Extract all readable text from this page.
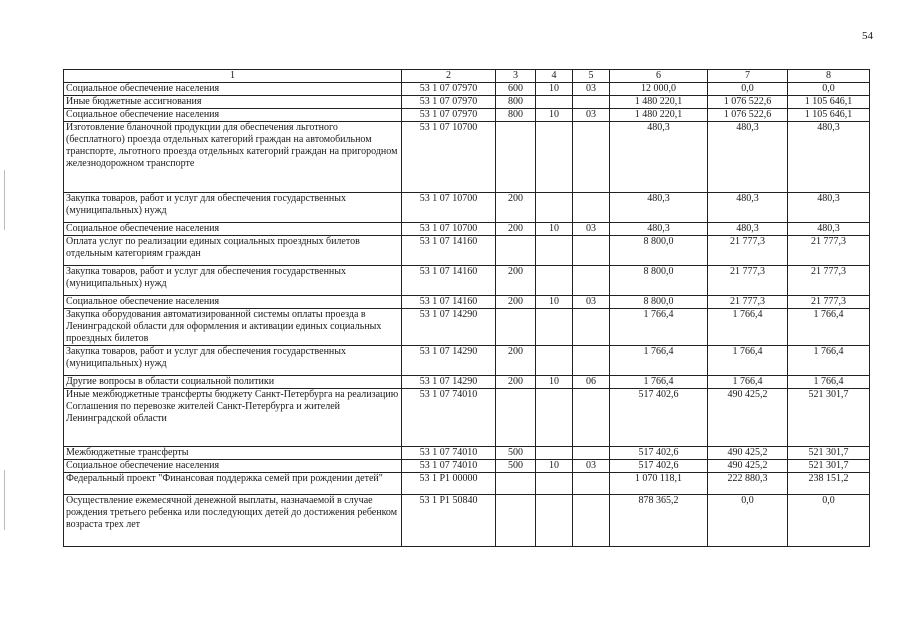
54
1	2	3	4	5	6	7	8
Социальное обеспечение населения	53 1 07 07970	600	10	03	12 000,0	0,0	0,0
Иные бюджетные ассигнования	53 1 07 07970	800			1 480 220,1	1 076 522,6	1 105 646,1
Социальное обеспечение населения	53 1 07 07970	800	10	03	1 480 220,1	1 076 522,6	1 105 646,1
Изготовление бланочной продукции для обеспечения льготного (бесплатного) проезда отдельных категорий граждан на автомобильном транспорте, льготного проезда отдельных категорий граждан на пригородном железнодорожном транспорте	53 1 07 10700				480,3	480,3	480,3
Закупка товаров, работ и услуг для обеспечения государственных (муниципальных) нужд	53 1 07 10700	200			480,3	480,3	480,3
Социальное обеспечение населения	53 1 07 10700	200	10	03	480,3	480,3	480,3
Оплата услуг по реализации единых социальных проездных билетов отдельным категориям граждан	53 1 07 14160				8 800,0	21 777,3	21 777,3
Закупка товаров, работ и услуг для обеспечения государственных (муниципальных) нужд	53 1 07 14160	200			8 800,0	21 777,3	21 777,3
Социальное обеспечение населения	53 1 07 14160	200	10	03	8 800,0	21 777,3	21 777,3
Закупка оборудования автоматизированной системы оплаты проезда в Ленинградской области для оформления и активации единых социальных проездных билетов	53 1 07 14290				1 766,4	1 766,4	1 766,4
Закупка товаров, работ и услуг для обеспечения государственных (муниципальных) нужд	53 1 07 14290	200			1 766,4	1 766,4	1 766,4
Другие вопросы в области социальной политики	53 1 07 14290	200	10	06	1 766,4	1 766,4	1 766,4
Иные межбюджетные трансферты бюджету Санкт-Петербурга на реализацию Соглашения по перевозке жителей Санкт-Петербурга и жителей Ленинградской области	53 1 07 74010				517 402,6	490 425,2	521 301,7
Межбюджетные трансферты	53 1 07 74010	500			517 402,6	490 425,2	521 301,7
Социальное обеспечение населения	53 1 07 74010	500	10	03	517 402,6	490 425,2	521 301,7
Федеральный проект "Финансовая поддержка семей при рождении детей"	53 1 P1 00000				1 070 118,1	222 880,3	238 151,2
Осуществление ежемесячной денежной выплаты, назначаемой в случае рождения третьего ребенка или последующих детей до достижения ребенком возраста трех лет	53 1 P1 50840				878 365,2	0,0	0,0
